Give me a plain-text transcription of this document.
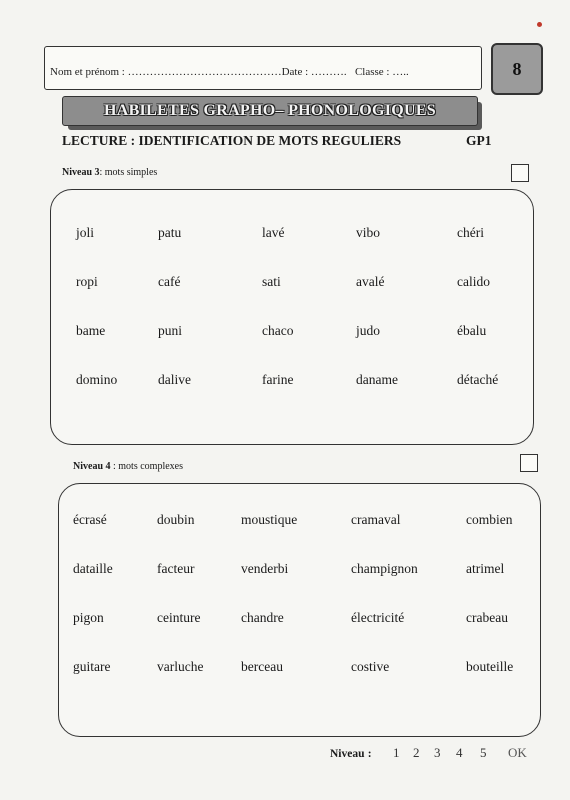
Nom et prénom : ……………………………………Date : ………. Classe : …..	8
HABILETES GRAPHO– PHONOLOGIQUES
LECTURE : IDENTIFICATION DE MOTS REGULIERS	GP1
Niveau 3: mots simples
joli	patu	lavé	vibo	chéri
ropi	café	sati	avalé	calido
bame	puni	chaco	judo	ébalu
domino	dalive	farine	daname	détaché
Niveau 4 : mots complexes
écrasé	doubin	moustique	cramaval	combien
dataille	facteur	venderbi	champignon	atrimel
pigon	ceinture	chandre	électricité	crabeau
guitare	varluche	berceau	costive	bouteille
Niveau : 1 2 3 4 5 OK
